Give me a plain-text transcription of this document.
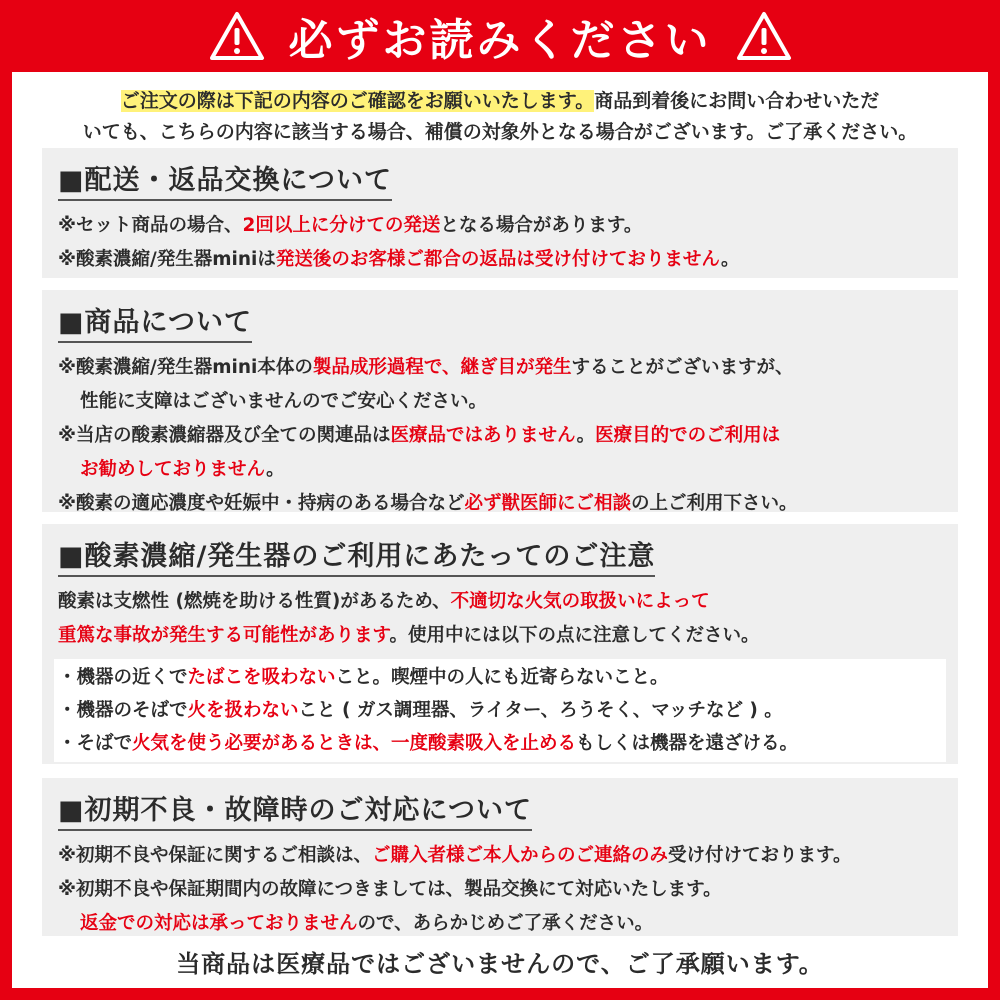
必ずお読みください
ご注文の際は下記の内容のご確認をお願いいたします。商品到着後にお問い合わせいただ
いても、こちらの内容に該当する場合、補償の対象外となる場合がございます。ご了承ください。
■配送・返品交換について
※セット商品の場合、2回以上に分けての発送となる場合があります。
※酸素濃縮/発生器miniは発送後のお客様ご都合の返品は受け付けておりません。
■商品について
※酸素濃縮/発生器mini本体の製品成形過程で、継ぎ目が発生することがございますが、
性能に支障はございませんのでご安心ください。
※当店の酸素濃縮器及び全ての関連品は医療品ではありません。医療目的でのご利用は
お勧めしておりません。
※酸素の適応濃度や妊娠中・持病のある場合など必ず獣医師にご相談の上ご利用下さい。
■酸素濃縮/発生器のご利用にあたってのご注意
酸素は支燃性 (燃焼を助ける性質)があるため、不適切な火気の取扱いによって
重篤な事故が発生する可能性があります。使用中には以下の点に注意してください。
・機器の近くでたばこを吸わないこと。喫煙中の人にも近寄らないこと。
・機器のそばで火を扱わないこと ( ガス調理器、ライター、ろうそく、マッチなど ) 。
・そばで火気を使う必要があるときは、一度酸素吸入を止めるもしくは機器を遠ざける。
■初期不良・故障時のご対応について
※初期不良や保証に関するご相談は、ご購入者様ご本人からのご連絡のみ受け付けております。
※初期不良や保証期間内の故障につきましては、製品交換にて対応いたします。
返金での対応は承っておりませんので、あらかじめご了承ください。
当商品は医療品ではございませんので、ご了承願います。
